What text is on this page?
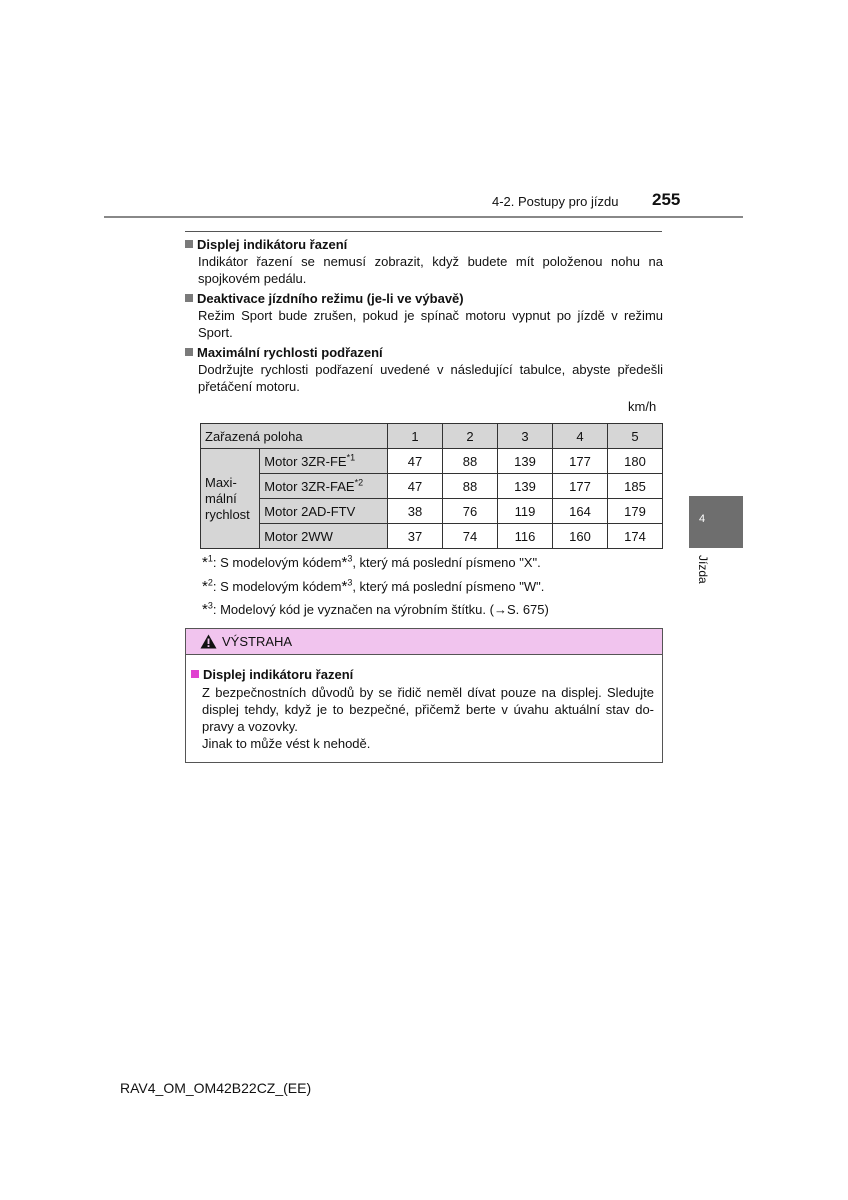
4-2. Postupy pro jízdu 255
4
Jízda
Displej indikátoru řazení
Indikátor řazení se nemusí zobrazit, když budete mít položenou nohu na spojkovém pedálu.
Deaktivace jízdního režimu (je-li ve výbavě)
Režim Sport bude zrušen, pokud je spínač motoru vypnut po jízdě v režimu Sport.
Maximální rychlosti podřazení
Dodržujte rychlosti podřazení uvedené v následující tabulce, abyste předešli přetáčení motoru.
km/h
Zařazená poloha		1	2	3	4	5

Maxi-
mální
rychlost	Motor 3ZR-FE$^{*1}$	47	88	139	177	180
	Motor 3ZR-FAE$^{*2}$	47	88	139	177	185
	Motor 2AD-FTV	38	76	119	164	179
	Motor 2WW	37	74	116	160	174
*$^1$: S modelovým kódem*$^3$, který má poslední písmeno "X".
*$^2$: S modelovým kódem*$^3$, který má poslední písmeno "W".
*$^3$: Modelový kód je vyznačen na výrobním štítku. (→S. 675)
VÝSTRAHA
Displej indikátoru řazení
Z bezpečnostních důvodů by se řidič neměl dívat pouze na displej. Sledujte displej tehdy, když je to bezpečné, přičemž berte v úvahu aktuální stav do-pravy a vozovky.
Jinak to může vést k nehodě.
RAV4_OM_OM42B22CZ_(EE)
